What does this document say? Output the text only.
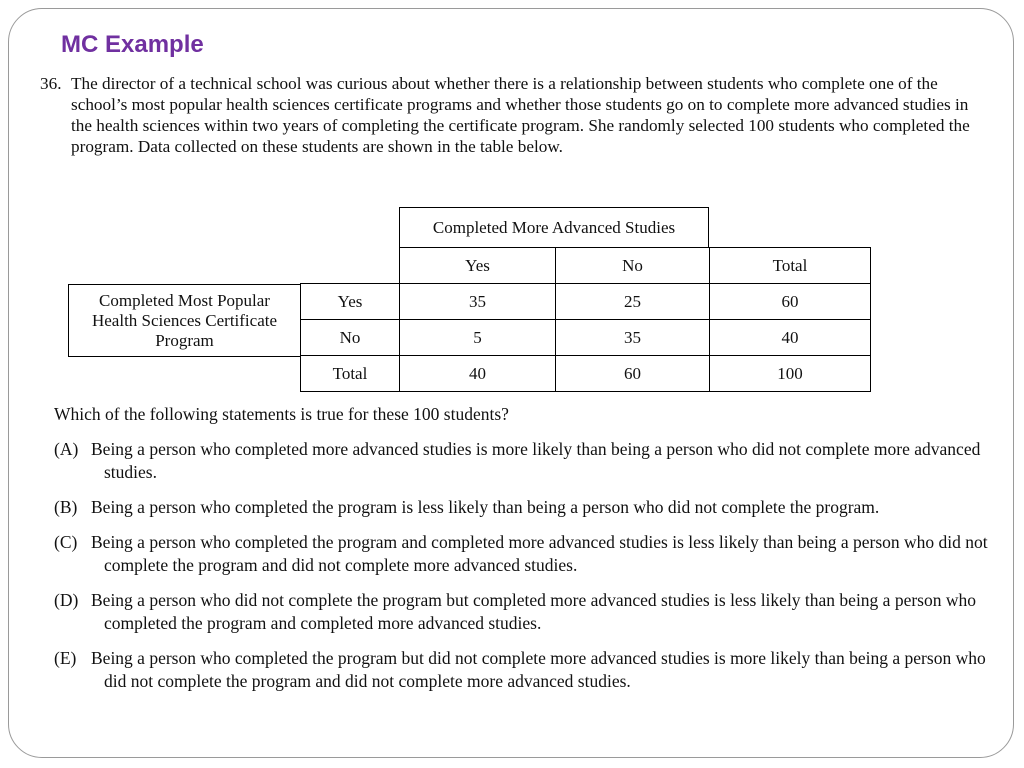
MC Example
36. The director of a technical school was curious about whether there is a relationship between students who complete one of the school’s most popular health sciences certificate programs and whether those students go on to complete more advanced studies in the health sciences within two years of completing the certificate program. She randomly selected 100 students who completed the program. Data collected on these students are shown in the table below.
Completed More Advanced Studies
Completed Most Popular Health Sciences Certificate Program
	Yes	No	Total
Yes	35	25	60
No	5	35	40
Total	40	60	100
Which of the following statements is true for these 100 students?
(A) Being a person who completed more advanced studies is more likely than being a person who did not complete more advanced studies.
(B) Being a person who completed the program is less likely than being a person who did not complete the program.
(C) Being a person who completed the program and completed more advanced studies is less likely than being a person who did not complete the program and did not complete more advanced studies.
(D) Being a person who did not complete the program but completed more advanced studies is less likely than being a person who completed the program and completed more advanced studies.
(E) Being a person who completed the program but did not complete more advanced studies is more likely than being a person who did not complete the program and did not complete more advanced studies.
